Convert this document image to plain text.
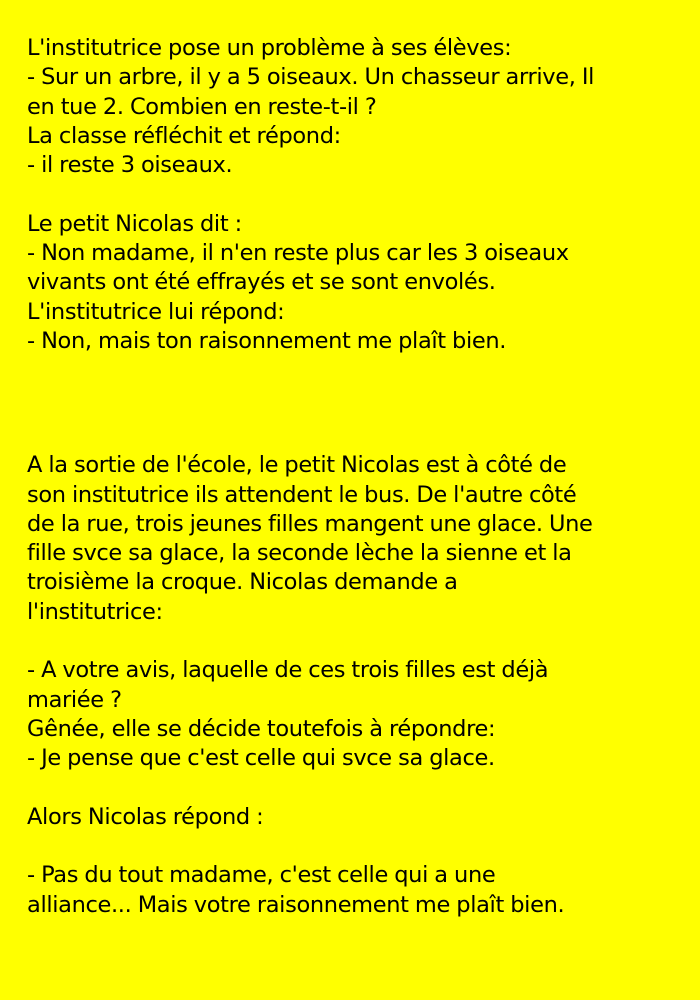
L'institutrice pose un problème à ses élèves:
- Sur un arbre, il y a 5 oiseaux. Un chasseur arrive, Il
en tue 2. Combien en reste-t-il ?
La classe réfléchit et répond:
- il reste 3 oiseaux.
Le petit Nicolas dit :
- Non madame, il n'en reste plus car les 3 oiseaux
vivants ont été effrayés et se sont envolés.
L'institutrice lui répond:
- Non, mais ton raisonnement me plaît bien.
A la sortie de l'école, le petit Nicolas est à côté de
son institutrice ils attendent le bus. De l'autre côté
de la rue, trois jeunes filles mangent une glace. Une
fille svce sa glace, la seconde lèche la sienne et la
troisième la croque. Nicolas demande a
l'institutrice:
- A votre avis, laquelle de ces trois filles est déjà
mariée ?
Gênée, elle se décide toutefois à répondre:
- Je pense que c'est celle qui svce sa glace.
Alors Nicolas répond :
- Pas du tout madame, c'est celle qui a une
alliance... Mais votre raisonnement me plaît bien.
